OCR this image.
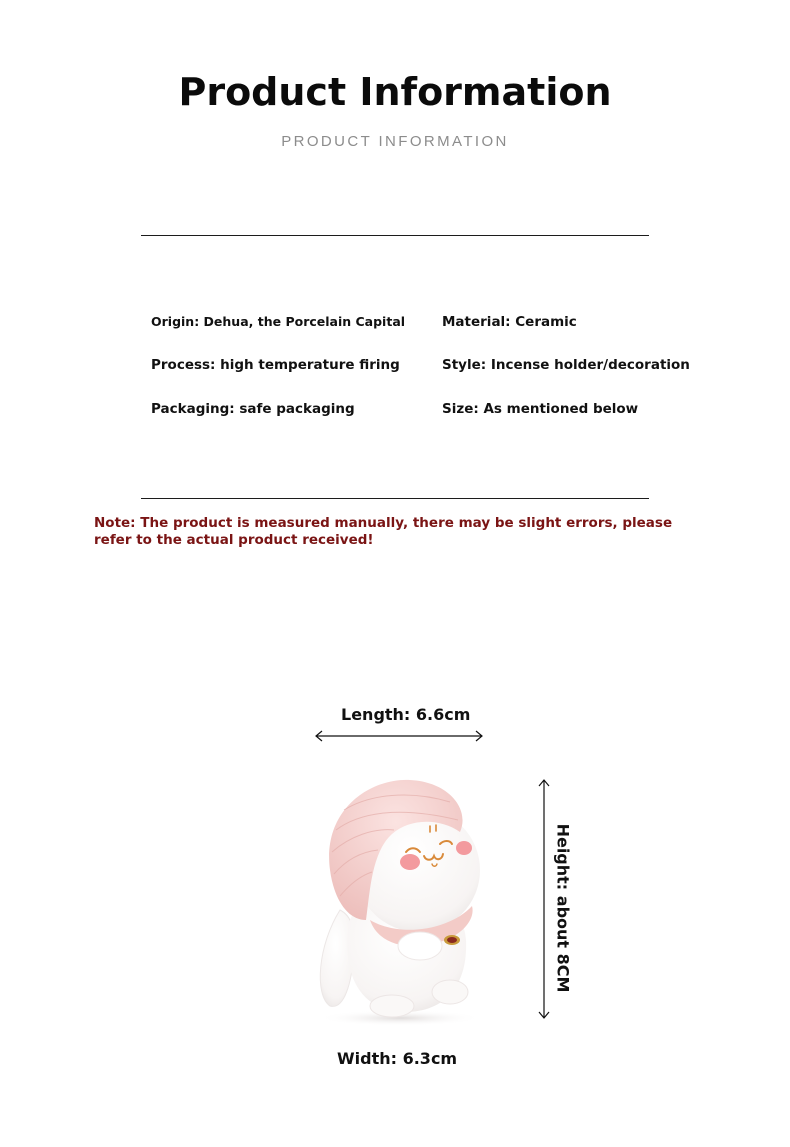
Product Information
PRODUCT INFORMATION
Origin: Dehua, the Porcelain Capital	Material: Ceramic
Process: high temperature firing	Style: Incense holder/decoration
Packaging: safe packaging	Size: As mentioned below
Note: The product is measured manually, there may be slight errors, please refer to the actual product received!
Length: 6.6cm
Height: about 8CM
Width: 6.3cm
